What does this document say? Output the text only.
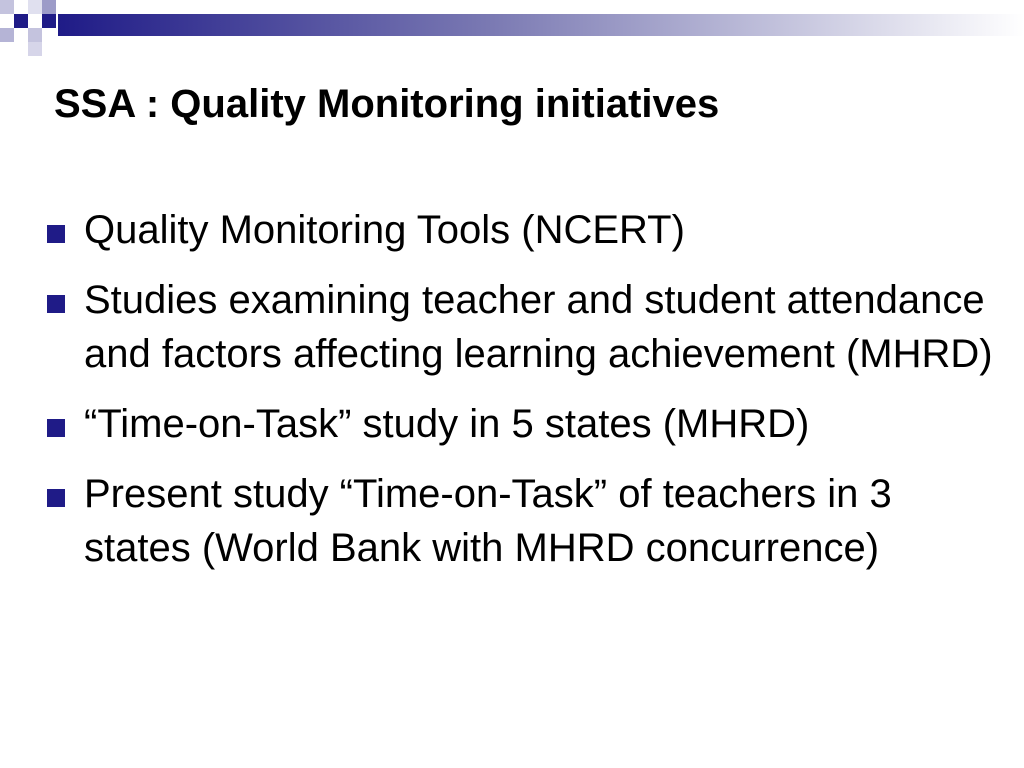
SSA : Quality Monitoring initiatives
Quality Monitoring Tools (NCERT)
Studies examining teacher and student attendance and factors affecting learning achievement (MHRD)
“Time-on-Task” study in 5 states (MHRD)
Present study “Time-on-Task” of teachers in 3 states (World Bank with MHRD concurrence)
